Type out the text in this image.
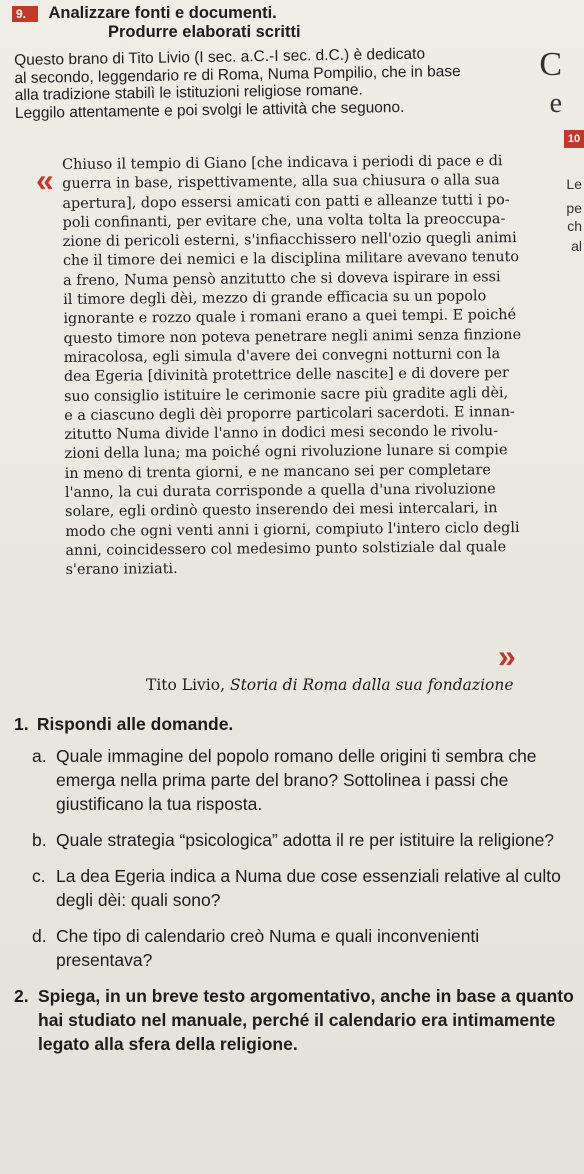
9. Analizzare fonti e documenti.
Produrre elaborati scritti

Questo brano di Tito Livio (I sec. a.C.-I sec. d.C.) è dedicato

al secondo, leggendario re di Roma, Numa Pompilio, che in base

alla tradizione stabilì le istituzioni religiose romane.

Leggilo attentamente e poi svolgi le attività che seguono.

C
e
10
Le
pe
ch
al
« Chiuso il tempio di Giano [che indicava i periodi di pace e di
guerra in base, rispettivamente, alla sua chiusura o alla sua
apertura], dopo essersi amicati con patti e alleanze tutti i po-
poli confinanti, per evitare che, una volta tolta la preoccupa-
zione di pericoli esterni, s'infiacchissero nell'ozio quegli animi
che il timore dei nemici e la disciplina militare avevano tenuto
a freno, Numa pensò anzitutto che si doveva ispirare in essi
il timore degli dèi, mezzo di grande efficacia su un popolo
ignorante e rozzo quale i romani erano a quei tempi. E poiché
questo timore non poteva penetrare negli animi senza finzione
miracolosa, egli simula d'avere dei convegni notturni con la
dea Egeria [divinità protettrice delle nascite] e di dovere per
suo consiglio istituire le cerimonie sacre più gradite agli dèi,
e a ciascuno degli dèi proporre particolari sacerdoti. E innan-
zitutto Numa divide l'anno in dodici mesi secondo le rivolu-
zioni della luna; ma poiché ogni rivoluzione lunare si compie
in meno di trenta giorni, e ne mancano sei per completare
l'anno, la cui durata corrisponde a quella d'una rivoluzione
solare, egli ordinò questo inserendo dei mesi intercalari, in
modo che ogni venti anni i giorni, compiuto l'intero ciclo degli
anni, coincidessero col medesimo punto solstiziale dal quale
s'erano iniziati.
»
Tito Livio, Storia di Roma dalla sua fondazione
1. Rispondi alle domande.
a. Quale immagine del popolo romano delle origini ti sembra che emerga nella prima parte del brano? Sottolinea i passi che giustificano la tua risposta.
b. Quale strategia “psicologica” adotta il re per istituire la religione?
c. La dea Egeria indica a Numa due cose essenziali relative al culto degli dèi: quali sono?
d. Che tipo di calendario creò Numa e quali inconvenienti presentava?
2. Spiega, in un breve testo argomentativo, anche in base a quanto hai studiato nel manuale, perché il calendario era intimamente legato alla sfera della religione.
